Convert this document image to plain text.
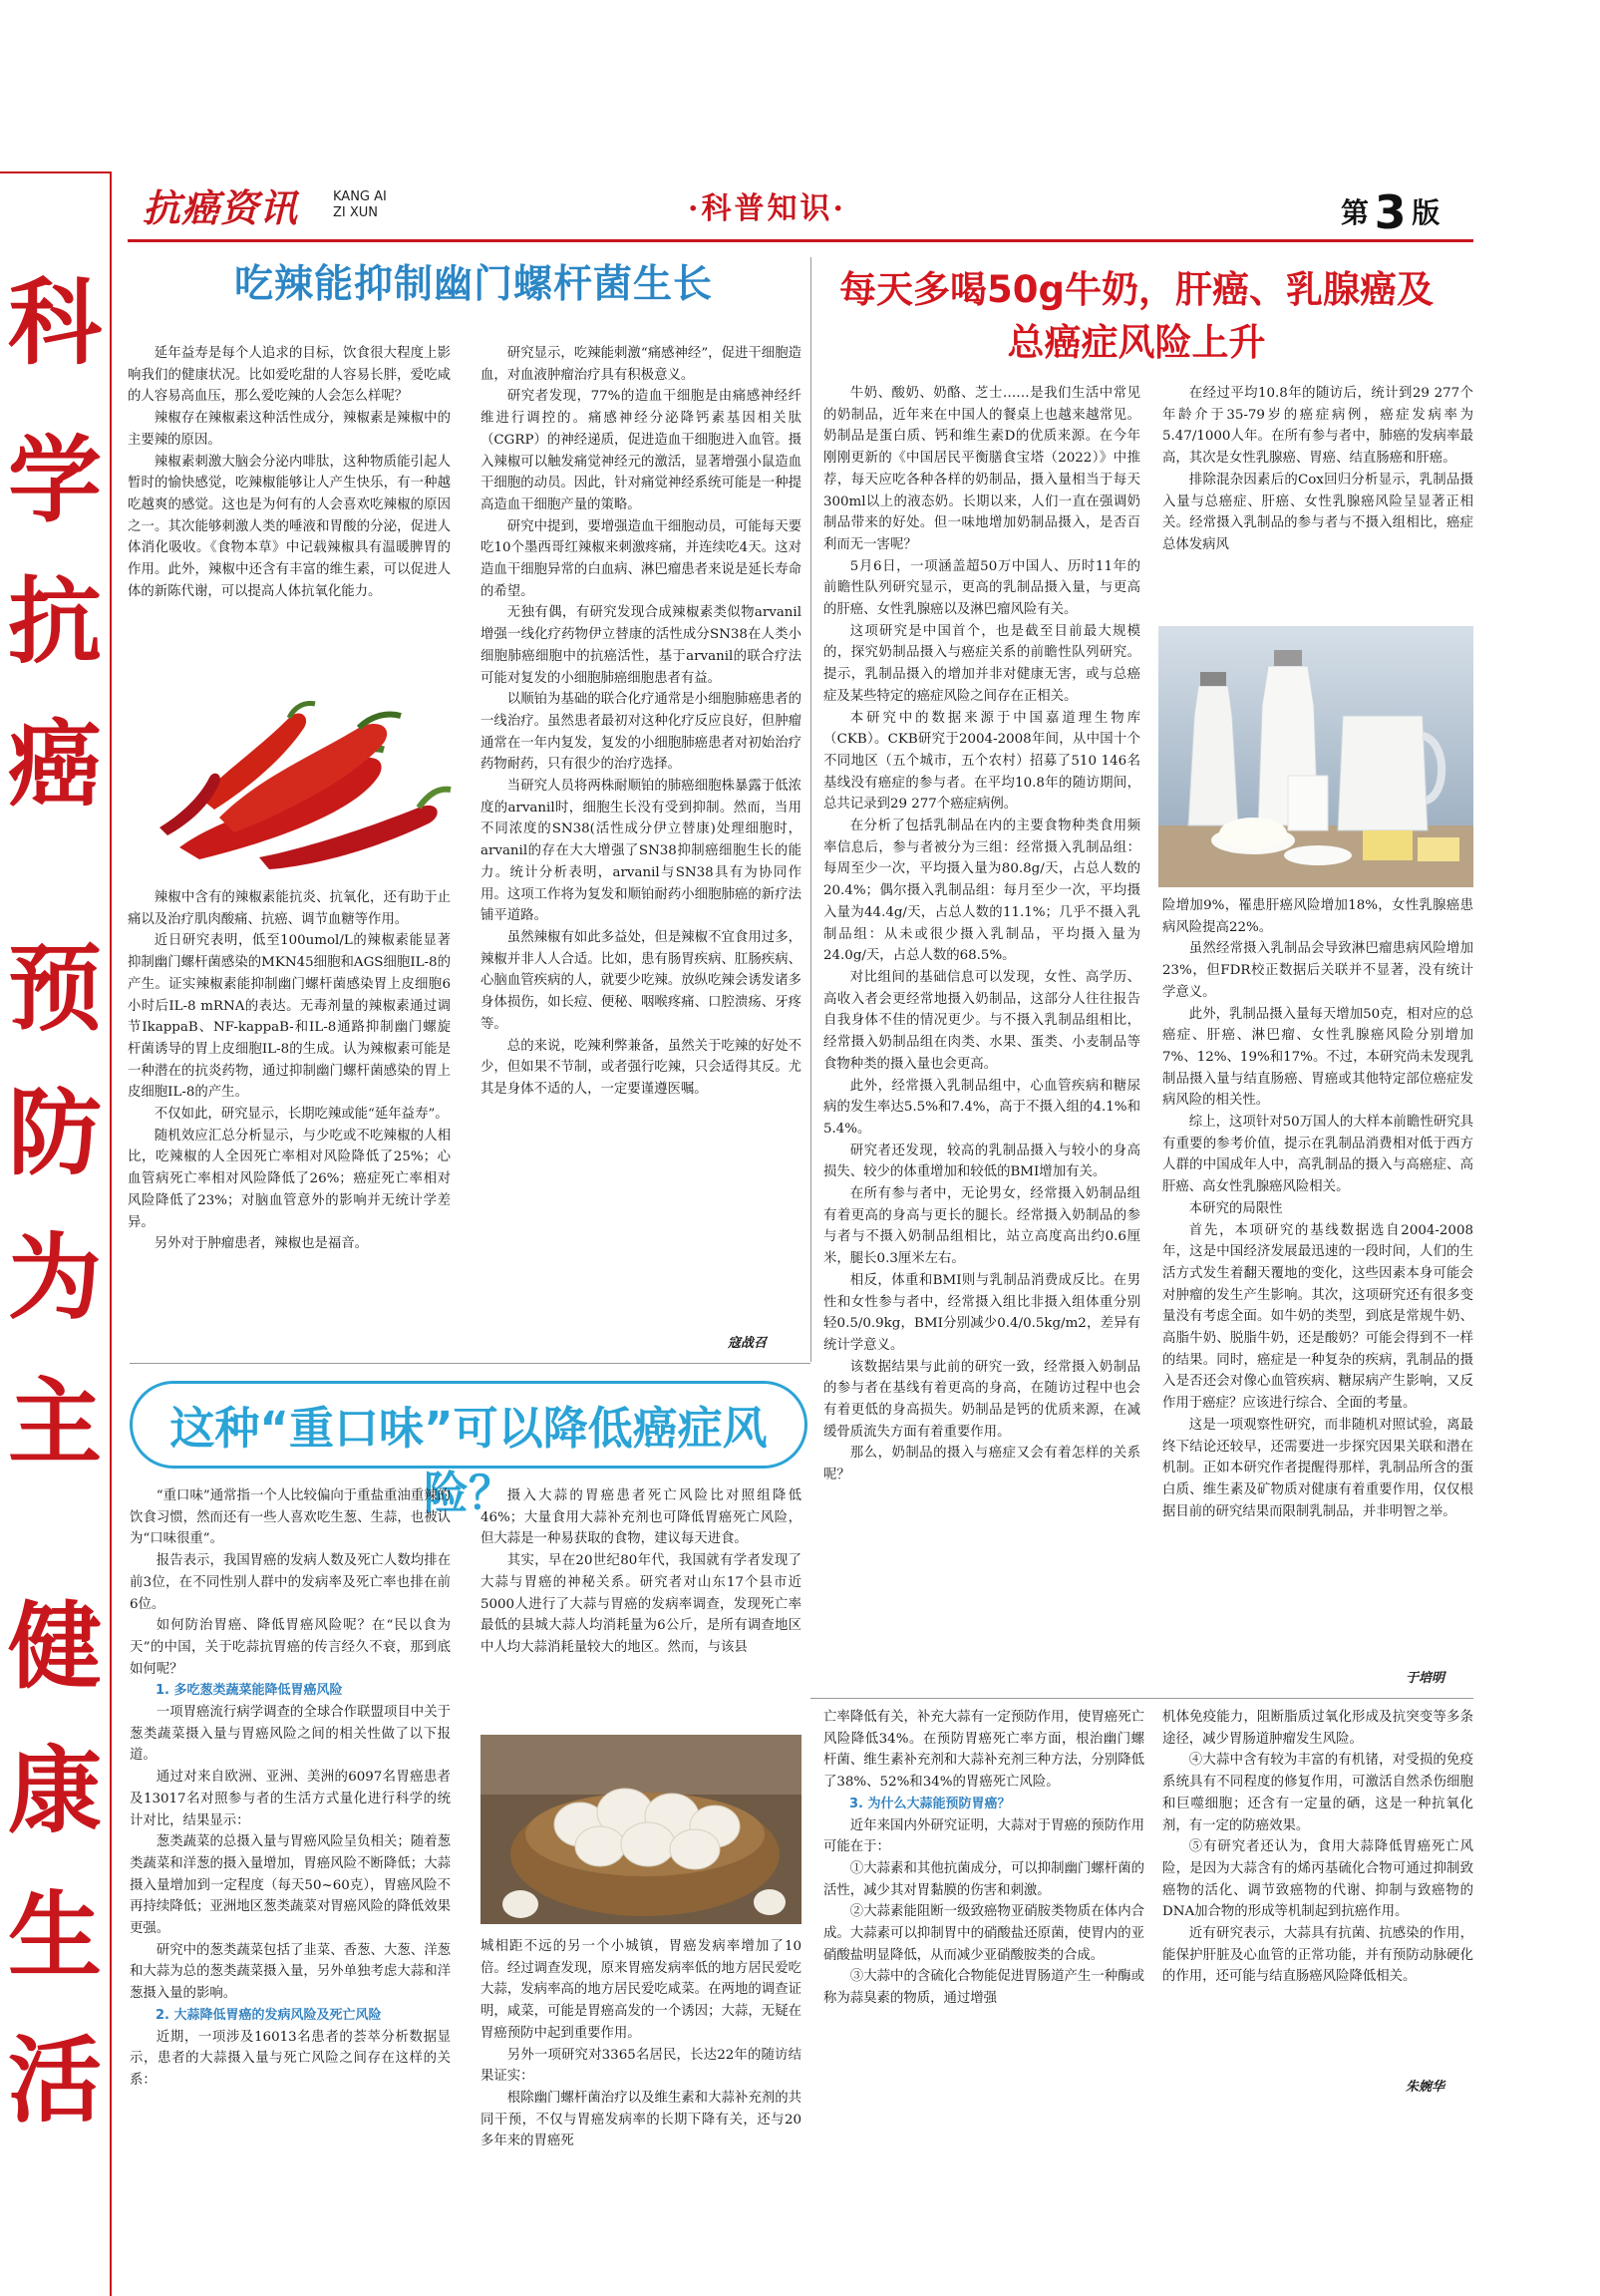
科
学
抗
癌
预
防
为
主
健
康
生
活
抗癌资讯	KANG AI
ZI XUN	·科普知识·	第 3 版
吃辣能抑制幽门螺杆菌生长

延年益寿是每个人追求的目标，饮食很大程度上影响我们的健康状况。比如爱吃甜的人容易长胖，爱吃咸的人容易高血压，那么爱吃辣的人会怎么样呢？

辣椒存在辣椒素这种活性成分，辣椒素是辣椒中的主要辣的原因。

辣椒素刺激大脑会分泌内啡肽，这种物质能引起人暂时的愉快感觉，吃辣椒能够让人产生快乐，有一种越吃越爽的感觉。这也是为何有的人会喜欢吃辣椒的原因之一。其次能够刺激人类的唾液和胃酸的分泌，促进人体消化吸收。《食物本草》中记载辣椒具有温暖脾胃的作用。此外，辣椒中还含有丰富的维生素，可以促进人体的新陈代谢，可以提高人体抗氧化能力。

辣椒中含有的辣椒素能抗炎、抗氧化，还有助于止痛以及治疗肌肉酸痛、抗癌、调节血糖等作用。

近日研究表明，低至100umol/L的辣椒素能显著抑制幽门螺杆菌感染的MKN45细胞和AGS细胞IL-8的产生。证实辣椒素能抑制幽门螺杆菌感染胃上皮细胞6小时后IL-8 mRNA的表达。无毒剂量的辣椒素通过调节IkappaB、NF-kappaB-和IL-8通路抑制幽门螺旋杆菌诱导的胃上皮细胞IL-8的生成。认为辣椒素可能是一种潜在的抗炎药物，通过抑制幽门螺杆菌感染的胃上皮细胞IL-8的产生。

不仅如此，研究显示，长期吃辣或能“延年益寿”。

随机效应汇总分析显示，与少吃或不吃辣椒的人相比，吃辣椒的人全因死亡率相对风险降低了25%；心血管病死亡率相对风险降低了26%；癌症死亡率相对风险降低了23%；对脑血管意外的影响并无统计学差异。

另外对于肿瘤患者，辣椒也是福音。

研究显示，吃辣能刺激“痛感神经”，促进干细胞造血，对血液肿瘤治疗具有积极意义。

研究者发现，77%的造血干细胞是由痛感神经纤维进行调控的。痛感神经分泌降钙素基因相关肽（CGRP）的神经递质，促进造血干细胞进入血管。摄入辣椒可以触发痛觉神经元的激活，显著增强小鼠造血干细胞的动员。因此，针对痛觉神经系统可能是一种提高造血干细胞产量的策略。

研究中提到，要增强造血干细胞动员，可能每天要吃10个墨西哥红辣椒来刺激疼痛，并连续吃4天。这对造血干细胞异常的白血病、淋巴瘤患者来说是延长寿命的希望。

无独有偶，有研究发现合成辣椒素类似物arvanil增强一线化疗药物伊立替康的活性成分SN38在人类小细胞肺癌细胞中的抗癌活性，基于arvanil的联合疗法可能对复发的小细胞肺癌细胞患者有益。

以顺铂为基础的联合化疗通常是小细胞肺癌患者的一线治疗。虽然患者最初对这种化疗反应良好，但肿瘤通常在一年内复发，复发的小细胞肺癌患者对初始治疗药物耐药，只有很少的治疗选择。

当研究人员将两株耐顺铂的肺癌细胞株暴露于低浓度的arvanil时，细胞生长没有受到抑制。然而，当用不同浓度的SN38(活性成分伊立替康)处理细胞时，arvanil的存在大大增强了SN38抑制癌细胞生长的能力。统计分析表明，arvanil与SN38具有为协同作用。这项工作将为复发和顺铂耐药小细胞肺癌的新疗法铺平道路。

虽然辣椒有如此多益处，但是辣椒不宜食用过多，辣椒并非人人合适。比如，患有肠胃疾病、肛肠疾病、心脑血管疾病的人，就要少吃辣。放纵吃辣会诱发诸多身体损伤，如长痘、便秘、咽喉疼痛、口腔溃疡、牙疼等。

总的来说，吃辣利弊兼备，虽然关于吃辣的好处不少，但如果不节制，或者强行吃辣，只会适得其反。尤其是身体不适的人，一定要谨遵医嘱。

寇战召
每天多喝50g牛奶，肝癌、乳腺癌及
总癌症风险上升

牛奶、酸奶、奶酪、芝士……是我们生活中常见的奶制品，近年来在中国人的餐桌上也越来越常见。奶制品是蛋白质、钙和维生素D的优质来源。在今年刚刚更新的《中国居民平衡膳食宝塔（2022）》中推荐，每天应吃各种各样的奶制品，摄入量相当于每天300ml以上的液态奶。长期以来，人们一直在强调奶制品带来的好处。但一味地增加奶制品摄入，是否百利而无一害呢？

5月6日，一项涵盖超50万中国人、历时11年的前瞻性队列研究显示，更高的乳制品摄入量，与更高的肝癌、女性乳腺癌以及淋巴瘤风险有关。

这项研究是中国首个，也是截至目前最大规模的，探究奶制品摄入与癌症关系的前瞻性队列研究。提示，乳制品摄入的增加并非对健康无害，或与总癌症及某些特定的癌症风险之间存在正相关。

本研究中的数据来源于中国嘉道理生物库（CKB）。CKB研究于2004-2008年间，从中国十个不同地区（五个城市，五个农村）招募了510 146名基线没有癌症的参与者。在平均10.8年的随访期间，总共记录到29 277个癌症病例。

在分析了包括乳制品在内的主要食物种类食用频率信息后，参与者被分为三组：经常摄入乳制品组：每周至少一次，平均摄入量为80.8g/天，占总人数的20.4%；偶尔摄入乳制品组：每月至少一次，平均摄入量为44.4g/天，占总人数的11.1%；几乎不摄入乳制品组：从未或很少摄入乳制品，平均摄入量为24.0g/天，占总人数的68.5%。

对比组间的基础信息可以发现，女性、高学历、高收入者会更经常地摄入奶制品，这部分人往往报告自我身体不佳的情况更少。与不摄入乳制品组相比，经常摄入奶制品组在肉类、水果、蛋类、小麦制品等食物种类的摄入量也会更高。

此外，经常摄入乳制品组中，心血管疾病和糖尿病的发生率达5.5%和7.4%，高于不摄入组的4.1%和5.4%。

研究者还发现，较高的乳制品摄入与较小的身高损失、较少的体重增加和较低的BMI增加有关。

在所有参与者中，无论男女，经常摄入奶制品组有着更高的身高与更长的腿长。经常摄入奶制品的参与者与不摄入奶制品组相比，站立高度高出约0.6厘米，腿长0.3厘米左右。

相反，体重和BMI则与乳制品消费成反比。在男性和女性参与者中，经常摄入组比非摄入组体重分别轻0.5/0.9kg，BMI分别减少0.4/0.5kg/m2，差异有统计学意义。

该数据结果与此前的研究一致，经常摄入奶制品的参与者在基线有着更高的身高，在随访过程中也会有着更低的身高损失。奶制品是钙的优质来源，在减缓骨质流失方面有着重要作用。

那么，奶制品的摄入与癌症又会有着怎样的关系呢？

在经过平均10.8年的随访后，统计到29 277个年龄介于35-79岁的癌症病例，癌症发病率为5.47/1000人年。在所有参与者中，肺癌的发病率最高，其次是女性乳腺癌、胃癌、结直肠癌和肝癌。

排除混杂因素后的Cox回归分析显示，乳制品摄入量与总癌症、肝癌、女性乳腺癌风险呈显著正相关。经常摄入乳制品的参与者与不摄入组相比，癌症总体发病风

险增加9%，罹患肝癌风险增加18%，女性乳腺癌患病风险提高22%。

虽然经常摄入乳制品会导致淋巴瘤患病风险增加23%，但FDR校正数据后关联并不显著，没有统计学意义。

此外，乳制品摄入量每天增加50克，相对应的总癌症、肝癌、淋巴瘤、女性乳腺癌风险分别增加7%、12%、19%和17%。不过，本研究尚未发现乳制品摄入量与结直肠癌、胃癌或其他特定部位癌症发病风险的相关性。

综上，这项针对50万国人的大样本前瞻性研究具有重要的参考价值，提示在乳制品消费相对低于西方人群的中国成年人中，高乳制品的摄入与高癌症、高肝癌、高女性乳腺癌风险相关。

本研究的局限性

首先，本项研究的基线数据选自2004-2008年，这是中国经济发展最迅速的一段时间，人们的生活方式发生着翻天覆地的变化，这些因素本身可能会对肿瘤的发生产生影响。其次，这项研究还有很多变量没有考虑全面。如牛奶的类型，到底是常规牛奶、高脂牛奶、脱脂牛奶，还是酸奶？可能会得到不一样的结果。同时，癌症是一种复杂的疾病，乳制品的摄入是否还会对像心血管疾病、糖尿病产生影响，又反作用于癌症？应该进行综合、全面的考量。

这是一项观察性研究，而非随机对照试验，离最终下结论还较早，还需要进一步探究因果关联和潜在机制。正如本研究作者提醒得那样，乳制品所含的蛋白质、维生素及矿物质对健康有着重要作用，仅仅根据目前的研究结果而限制乳制品，并非明智之举。

于培明
这种“重口味”可以降低癌症风险？

“重口味”通常指一个人比较偏向于重盐重油重辣的饮食习惯，然而还有一些人喜欢吃生葱、生蒜，也被认为“口味很重”。

报告表示，我国胃癌的发病人数及死亡人数均排在前3位，在不同性别人群中的发病率及死亡率也排在前6位。

如何防治胃癌、降低胃癌风险呢？在“民以食为天”的中国，关于吃蒜抗胃癌的传言经久不衰，那到底如何呢？

1. 多吃葱类蔬菜能降低胃癌风险

一项胃癌流行病学调查的全球合作联盟项目中关于葱类蔬菜摄入量与胃癌风险之间的相关性做了以下报道。

通过对来自欧洲、亚洲、美洲的6097名胃癌患者及13017名对照参与者的生活方式量化进行科学的统计对比，结果显示：

葱类蔬菜的总摄入量与胃癌风险呈负相关；随着葱类蔬菜和洋葱的摄入量增加，胃癌风险不断降低；大蒜摄入量增加到一定程度（每天50~60克），胃癌风险不再持续降低；亚洲地区葱类蔬菜对胃癌风险的降低效果更强。

研究中的葱类蔬菜包括了韭菜、香葱、大葱、洋葱和大蒜为总的葱类蔬菜摄入量，另外单独考虑大蒜和洋葱摄入量的影响。

2. 大蒜降低胃癌的发病风险及死亡风险

近期，一项涉及16013名患者的荟萃分析数据显示，患者的大蒜摄入量与死亡风险之间存在这样的关系：

摄入大蒜的胃癌患者死亡风险比对照组降低46%；大量食用大蒜补充剂也可降低胃癌死亡风险，但大蒜是一种易获取的食物，建议每天进食。

其实，早在20世纪80年代，我国就有学者发现了大蒜与胃癌的神秘关系。研究者对山东17个县市近5000人进行了大蒜与胃癌的发病率调查，发现死亡率最低的县城大蒜人均消耗量为6公斤，是所有调查地区中人均大蒜消耗量较大的地区。然而，与该县

城相距不远的另一个小城镇，胃癌发病率增加了10倍。经过调查发现，原来胃癌发病率低的地方居民爱吃大蒜，发病率高的地方居民爱吃咸菜。在两地的调查证明，咸菜，可能是胃癌高发的一个诱因；大蒜，无疑在胃癌预防中起到重要作用。

另外一项研究对3365名居民，长达22年的随访结果证实：

根除幽门螺杆菌治疗以及维生素和大蒜补充剂的共同干预，不仅与胃癌发病率的长期下降有关，还与20多年来的胃癌死

亡率降低有关，补充大蒜有一定预防作用，使胃癌死亡风险降低34%。在预防胃癌死亡率方面，根治幽门螺杆菌、维生素补充剂和大蒜补充剂三种方法，分别降低了38%、52%和34%的胃癌死亡风险。

3. 为什么大蒜能预防胃癌？

近年来国内外研究证明，大蒜对于胃癌的预防作用可能在于：

①大蒜素和其他抗菌成分，可以抑制幽门螺杆菌的活性，减少其对胃黏膜的伤害和刺激。

②大蒜素能阻断一级致癌物亚硝胺类物质在体内合成。大蒜素可以抑制胃中的硝酸盐还原菌，使胃内的亚硝酸盐明显降低，从而减少亚硝酸胺类的合成。

③大蒜中的含硫化合物能促进胃肠道产生一种酶或称为蒜臭素的物质，通过增强

机体免疫能力，阻断脂质过氧化形成及抗突变等多条途径，减少胃肠道肿瘤发生风险。

④大蒜中含有较为丰富的有机锗，对受损的免疫系统具有不同程度的修复作用，可激活自然杀伤细胞和巨噬细胞；还含有一定量的硒，这是一种抗氧化剂，有一定的防癌效果。

⑤有研究者还认为，食用大蒜降低胃癌死亡风险，是因为大蒜含有的烯丙基硫化合物可通过抑制致癌物的活化、调节致癌物的代谢、抑制与致癌物的DNA加合物的形成等机制起到抗癌作用。

近有研究表示，大蒜具有抗菌、抗感染的作用，能保护肝脏及心血管的正常功能，并有预防动脉硬化的作用，还可能与结直肠癌风险降低相关。

朱婉华
